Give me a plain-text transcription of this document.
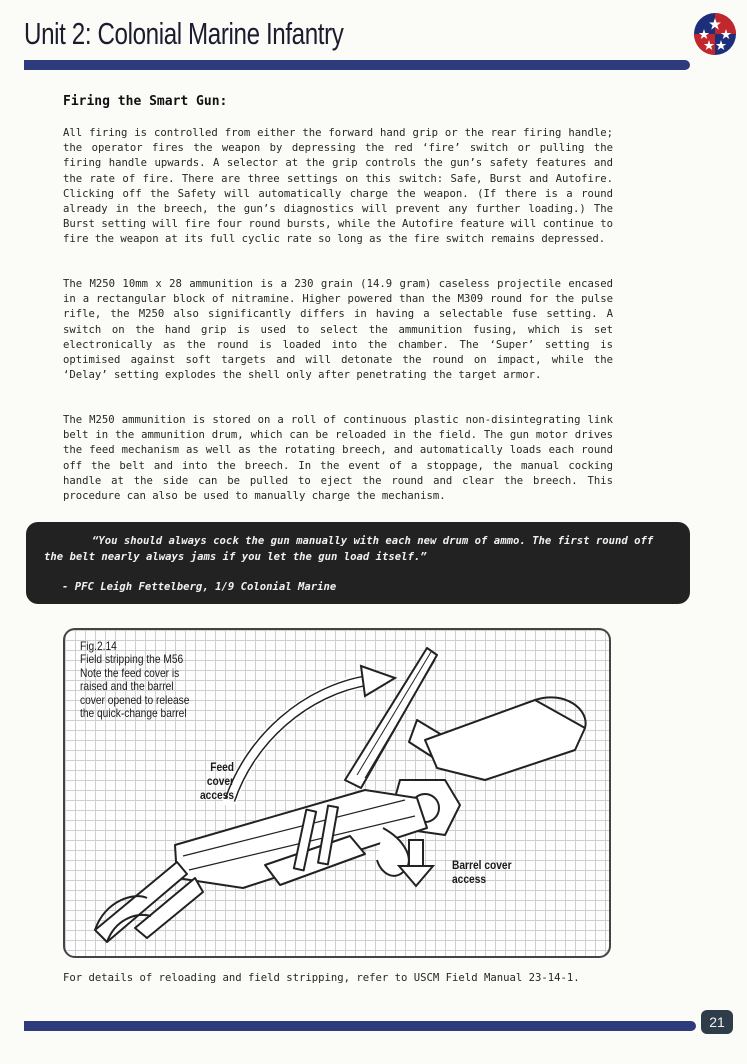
Unit 2: Colonial Marine Infantry
Firing the Smart Gun:

All firing is controlled from either the forward hand grip or the rear firing handle; the operator fires the weapon by depressing the red ‘fire’ switch or pulling the firing handle upwards. A selector at the grip controls the gun’s safety features and the rate of fire. There are three settings on this switch: Safe, Burst and Autofire. Clicking off the Safety will automatically charge the weapon. (If there is a round already in the breech, the gun’s diagnostics will prevent any further loading.) The Burst setting will fire four round bursts, while the Autofire feature will continue to fire the weapon at its full cyclic rate so long as the fire switch remains depressed.

The M250 10mm x 28 ammunition is a 230 grain (14.9 gram) caseless projectile encased in a rectangular block of nitramine. Higher powered than the M309 round for the pulse rifle, the M250 also significantly differs in having a selectable fuse setting. A switch on the hand grip is used to select the ammunition fusing, which is set electronically as the round is loaded into the chamber. The ‘Super’ setting is optimised against soft targets and will detonate the round on impact, while the ‘Delay’ setting explodes the shell only after penetrating the target armor.

The M250 ammunition is stored on a roll of continuous plastic non-disintegrating link belt in the ammunition drum, which can be reloaded in the field. The gun motor drives the feed mechanism as well as the rotating breech, and automatically loads each round off the belt and into the breech. In the event of a stoppage, the manual cocking handle at the side can be pulled to eject the round and clear the breech. This procedure can also be used to manually charge the mechanism.

“You should always cock the gun manually with each new drum of ammo. The first round off the belt nearly always jams if you let the gun load itself.”

- PFC Leigh Fettelberg, 1/9 Colonial Marine

Fig.2.14
Field stripping the M56
Note the feed cover is
raised and the barrel
cover opened to release
the quick-change barrel
Feed
cover
access
Barrel cover
access

For details of reloading and field stripping, refer to USCM Field Manual 23-14-1.

21
